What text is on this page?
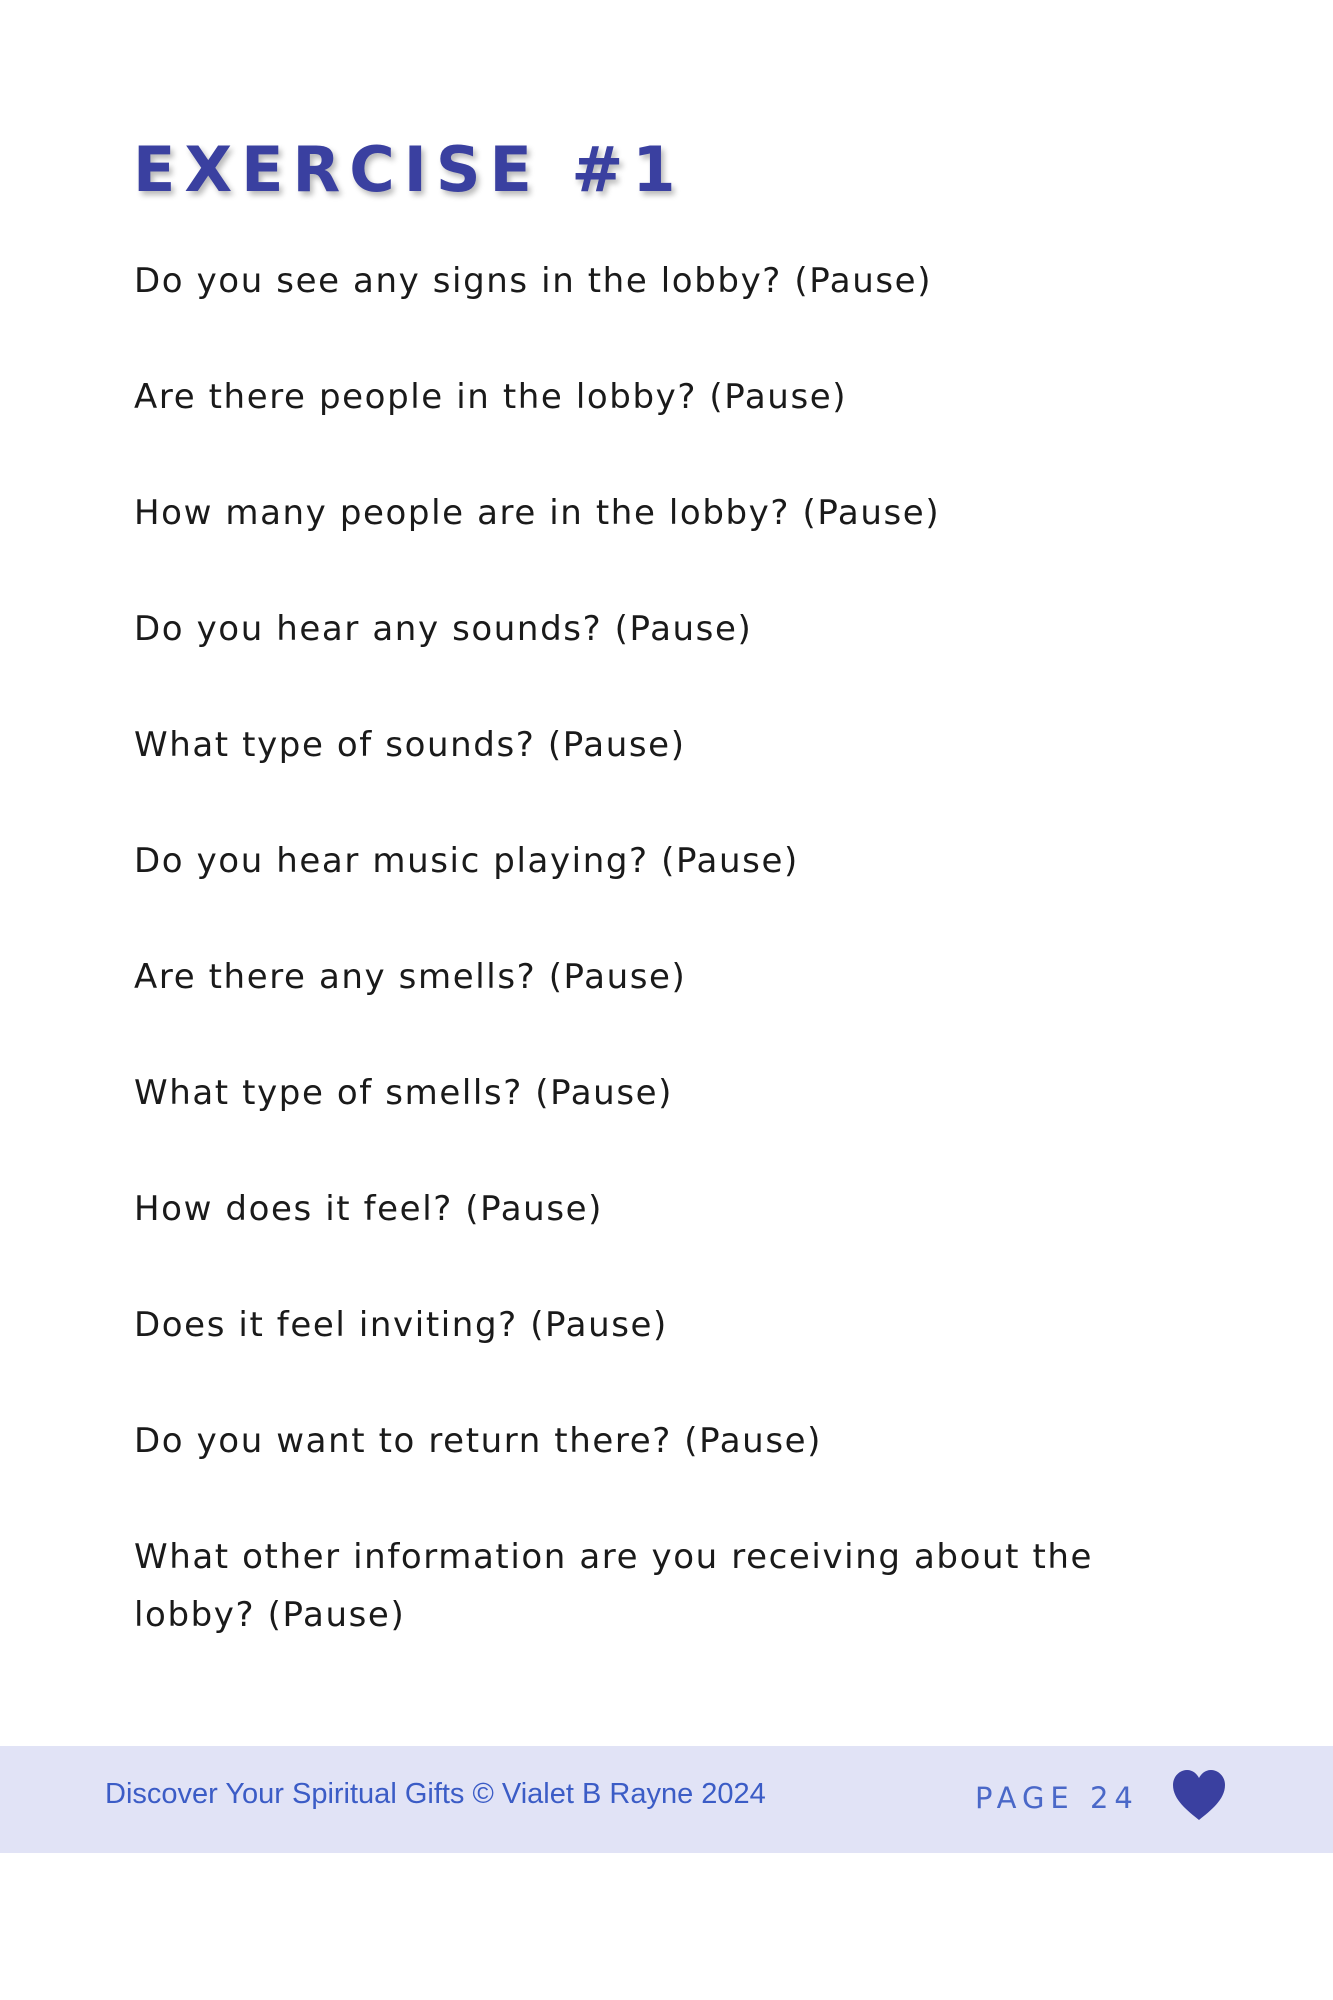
EXERCISE #1
Do you see any signs in the lobby? (Pause)
Are there people in the lobby? (Pause)
How many people are in the lobby? (Pause)
Do you hear any sounds? (Pause)
What type of sounds? (Pause)
Do you hear music playing? (Pause)
Are there any smells? (Pause)
What type of smells? (Pause)
How does it feel? (Pause)
Does it feel inviting? (Pause)
Do you want to return there? (Pause)
What other information are you receiving about the lobby? (Pause)
Discover Your Spiritual Gifts © Vialet B Rayne 2024	PAGE 24
